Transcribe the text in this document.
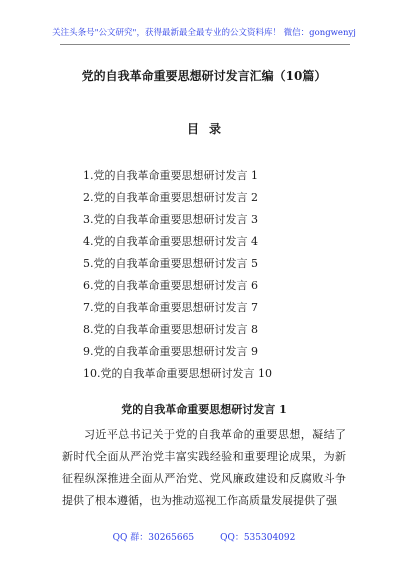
关注头条号"公文研究"，获得最新最全最专业的公文资料库！ 微信：gongwenyj
党的自我革命重要思想研讨发言汇编（10篇）
目录
1.党的自我革命重要思想研讨发言 1
2.党的自我革命重要思想研讨发言 2
3.党的自我革命重要思想研讨发言 3
4.党的自我革命重要思想研讨发言 4
5.党的自我革命重要思想研讨发言 5
6.党的自我革命重要思想研讨发言 6
7.党的自我革命重要思想研讨发言 7
8.党的自我革命重要思想研讨发言 8
9.党的自我革命重要思想研讨发言 9
10.党的自我革命重要思想研讨发言 10
党的自我革命重要思想研讨发言 1

习近平总书记关于党的自我革命的重要思想，凝结了新时代全面从严治党丰富实践经验和重要理论成果，为新征程纵深推进全面从严治党、党风廉政建设和反腐败斗争提供了根本遵循，也为推动巡视工作高质量发展提供了强

QQ 群：30265665	QQ：535304092
